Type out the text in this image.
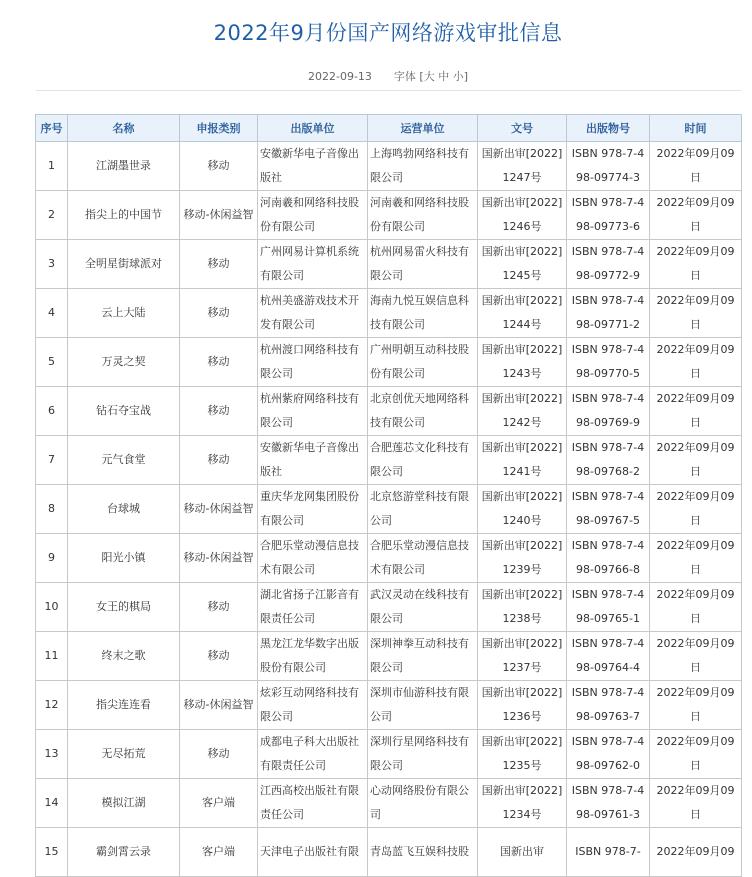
2022年9月份国产网络游戏审批信息
2022-09-13 字体 [大 中 小]
序号	名称	申报类别	出版单位	运营单位	文号	出版物号	时间
1	江湖墨世录	移动	安徽新华电子音像出版社	上海鸣勃网络科技有限公司	国新出审[2022]1247号	ISBN 978-7-498-09774-3	2022年09月09日
2	指尖上的中国节	移动-休闲益智	河南羲和网络科技股份有限公司	河南羲和网络科技股份有限公司	国新出审[2022]1246号	ISBN 978-7-498-09773-6	2022年09月09日
3	全明星街球派对	移动	广州网易计算机系统有限公司	杭州网易雷火科技有限公司	国新出审[2022]1245号	ISBN 978-7-498-09772-9	2022年09月09日
4	云上大陆	移动	杭州美盛游戏技术开发有限公司	海南九悦互娱信息科技有限公司	国新出审[2022]1244号	ISBN 978-7-498-09771-2	2022年09月09日
5	万灵之契	移动	杭州渡口网络科技有限公司	广州明朝互动科技股份有限公司	国新出审[2022]1243号	ISBN 978-7-498-09770-5	2022年09月09日
6	钻石夺宝战	移动	杭州紫府网络科技有限公司	北京创优天地网络科技有限公司	国新出审[2022]1242号	ISBN 978-7-498-09769-9	2022年09月09日
7	元气食堂	移动	安徽新华电子音像出版社	合肥莲芯文化科技有限公司	国新出审[2022]1241号	ISBN 978-7-498-09768-2	2022年09月09日
8	台球城	移动-休闲益智	重庆华龙网集团股份有限公司	北京悠游堂科技有限公司	国新出审[2022]1240号	ISBN 978-7-498-09767-5	2022年09月09日
9	阳光小镇	移动-休闲益智	合肥乐堂动漫信息技术有限公司	合肥乐堂动漫信息技术有限公司	国新出审[2022]1239号	ISBN 978-7-498-09766-8	2022年09月09日
10	女王的棋局	移动	湖北省扬子江影音有限责任公司	武汉灵动在线科技有限公司	国新出审[2022]1238号	ISBN 978-7-498-09765-1	2022年09月09日
11	终末之歌	移动	黑龙江龙华数字出版股份有限公司	深圳神拳互动科技有限公司	国新出审[2022]1237号	ISBN 978-7-498-09764-4	2022年09月09日
12	指尖连连看	移动-休闲益智	炫彩互动网络科技有限公司	深圳市仙游科技有限公司	国新出审[2022]1236号	ISBN 978-7-498-09763-7	2022年09月09日
13	无尽拓荒	移动	成都电子科大出版社有限责任公司	深圳行星网络科技有限公司	国新出审[2022]1235号	ISBN 978-7-498-09762-0	2022年09月09日
14	模拟江湖	客户端	江西高校出版社有限责任公司	心动网络股份有限公司	国新出审[2022]1234号	ISBN 978-7-498-09761-3	2022年09月09日
15	霸剑霄云录	客户端	天津电子出版社有限	青岛蓝飞互娱科技股	国新出审	ISBN 978-7-	2022年09月09
